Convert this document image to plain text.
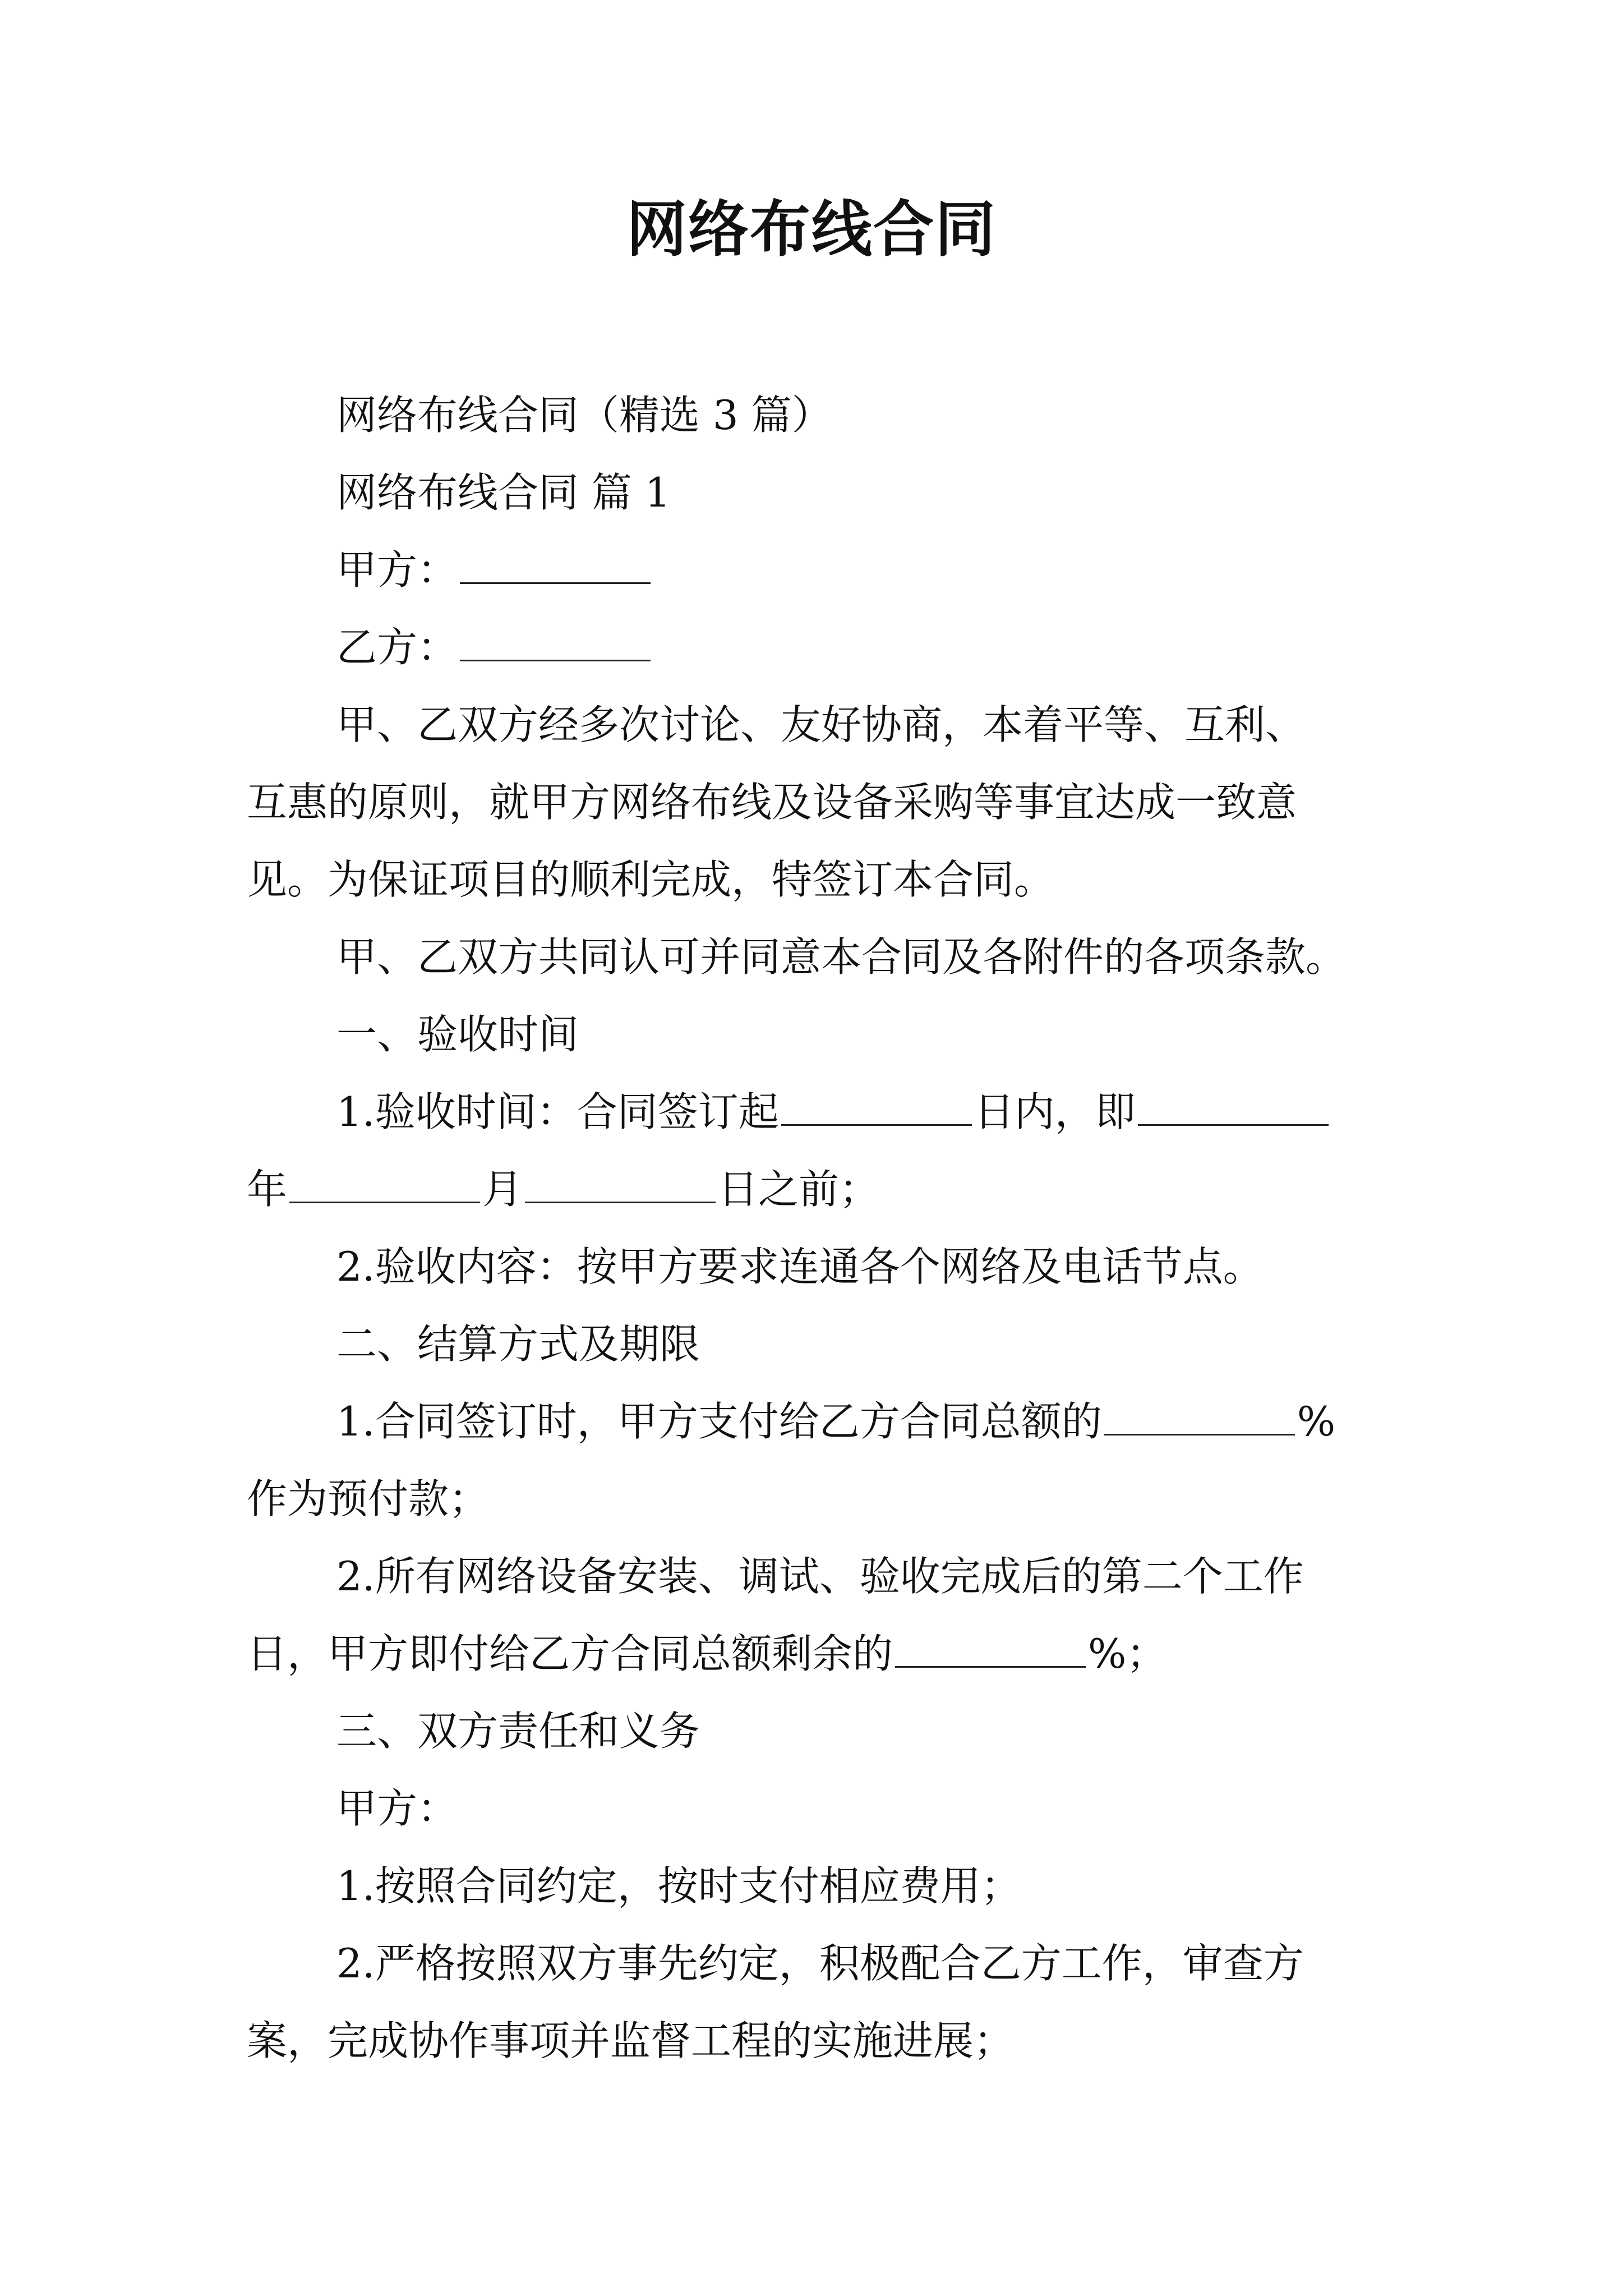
网络布线合同
网络布线合同（精选 3 篇）
网络布线合同 篇 1
甲方：
乙方：
甲、乙双方经多次讨论、友好协商，本着平等、互利、
互惠的原则，就甲方网络布线及设备采购等事宜达成一致意
见。为保证项目的顺利完成，特签订本合同。
甲、乙双方共同认可并同意本合同及各附件的各项条款。
一、验收时间
1.验收时间：合同签订起	日内，即
年	月	日之前；
2.验收内容：按甲方要求连通各个网络及电话节点。
二、结算方式及期限
1.合同签订时，甲方支付给乙方合同总额的	%
作为预付款；
2.所有网络设备安装、调试、验收完成后的第二个工作
日，甲方即付给乙方合同总额剩余的	%；
三、双方责任和义务
甲方：
1.按照合同约定，按时支付相应费用；
2.严格按照双方事先约定，积极配合乙方工作，审查方
案，完成协作事项并监督工程的实施进展；
